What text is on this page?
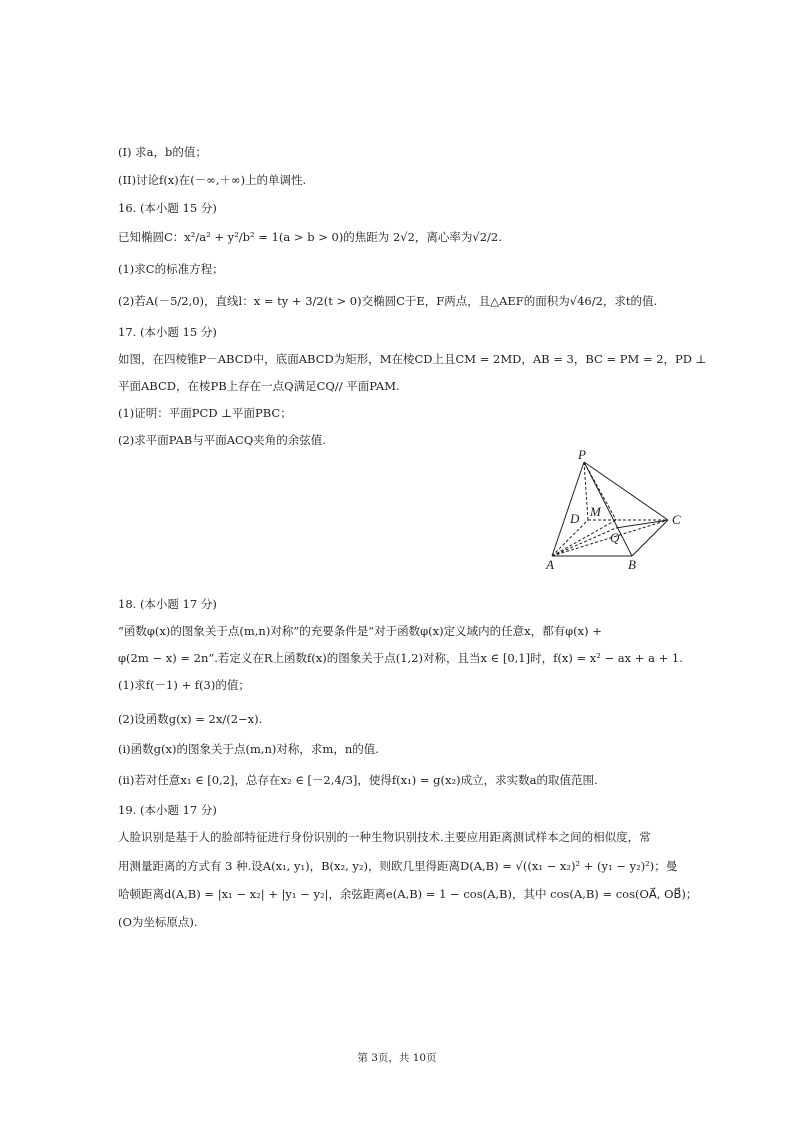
(I) 求a，b的值；
(II)讨论f(x)在(－∞,＋∞)上的单调性.
16. (本小题 15 分)
已知椭圆C：x²/a² + y²/b² = 1(a > b > 0)的焦距为 2√2，离心率为√2/2.
(1)求C的标准方程；
(2)若A(－5/2,0)，直线l：x = ty + 3/2(t > 0)交椭圆C于E，F两点，且△AEF的面积为√46/2，求t的值.
17. (本小题 15 分)
如图，在四棱锥P－ABCD中，底面ABCD为矩形，M在棱CD上且CM = 2MD，AB = 3，BC = PM = 2，PD ⊥
平面ABCD，在棱PB上存在一点Q满足CQ// 平面PAM.
(1)证明：平面PCD ⊥平面PBC；
(2)求平面PAB与平面ACQ夹角的余弦值.
P
D M
C
Q
A	B
18. (本小题 17 分)
“函数φ(x)的图象关于点(m,n)对称”的充要条件是“对于函数φ(x)定义域内的任意x，都有φ(x) +
φ(2m − x) = 2n”.若定义在R上函数f(x)的图象关于点(1,2)对称，且当x ∈ [0,1]时，f(x) = x² − ax + a + 1.
(1)求f(－1) + f(3)的值；
(2)设函数g(x) = 2x/(2−x).
(i)函数g(x)的图象关于点(m,n)对称，求m，n的值.
(ii)若对任意x₁ ∈ [0,2]，总存在x₂ ∈ [－2,4/3]，使得f(x₁) = g(x₂)成立，求实数a的取值范围.
19. (本小题 17 分)
人脸识别是基于人的脸部特征进行身份识别的一种生物识别技术.主要应用距离测试样本之间的相似度，常
用测量距离的方式有 3 种.设A(x₁, y₁)，B(x₂, y₂)，则欧几里得距离D(A,B) = √((x₁ − x₂)² + (y₁ − y₂)²)；曼
哈顿距离d(A,B) = |x₁ − x₂| + |y₁ − y₂|，余弦距离e(A,B) = 1 − cos(A,B)，其中 cos(A,B) = cos(OA⃗, OB⃗)；
(O为坐标原点).
第 3页，共 10页
